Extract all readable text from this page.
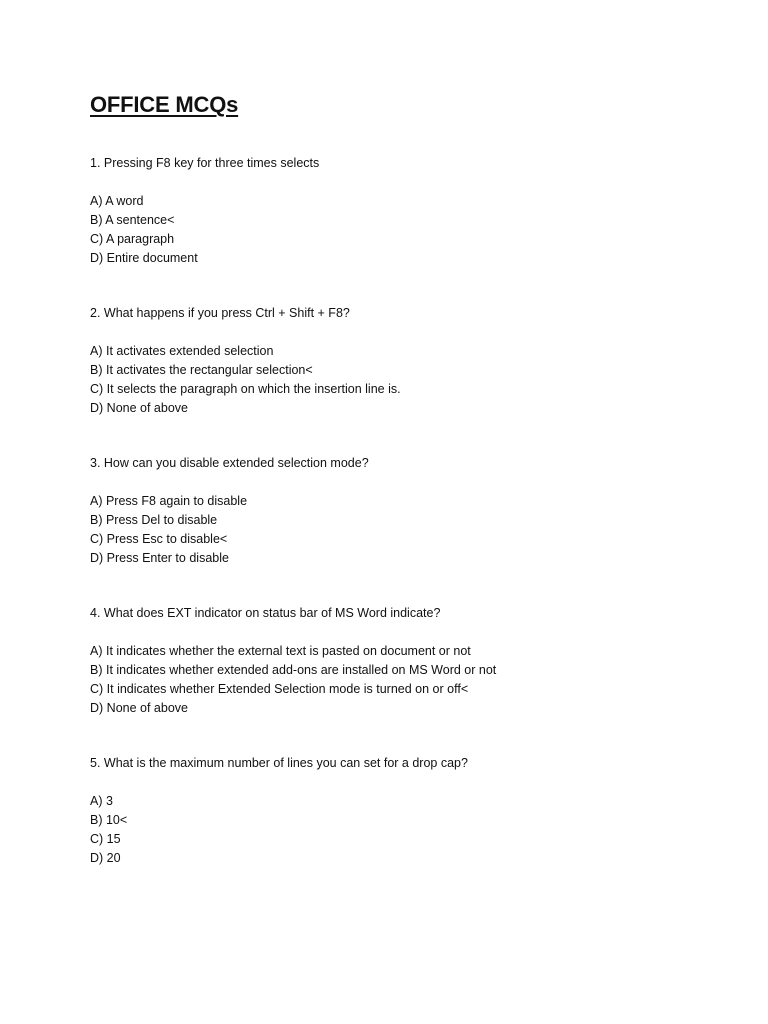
OFFICE MCQs

1. Pressing F8 key for three times selects

A) A word
B) A sentence<
C) A paragraph
D) Entire document

2. What happens if you press Ctrl + Shift + F8?

A) It activates extended selection
B) It activates the rectangular selection<
C) It selects the paragraph on which the insertion line is.
D) None of above

3. How can you disable extended selection mode?

A) Press F8 again to disable
B) Press Del to disable
C) Press Esc to disable<
D) Press Enter to disable

4. What does EXT indicator on status bar of MS Word indicate?

A) It indicates whether the external text is pasted on document or not
B) It indicates whether extended add-ons are installed on MS Word or not
C) It indicates whether Extended Selection mode is turned on or off<
D) None of above

5. What is the maximum number of lines you can set for a drop cap?

A) 3
B) 10<
C) 15
D) 20
